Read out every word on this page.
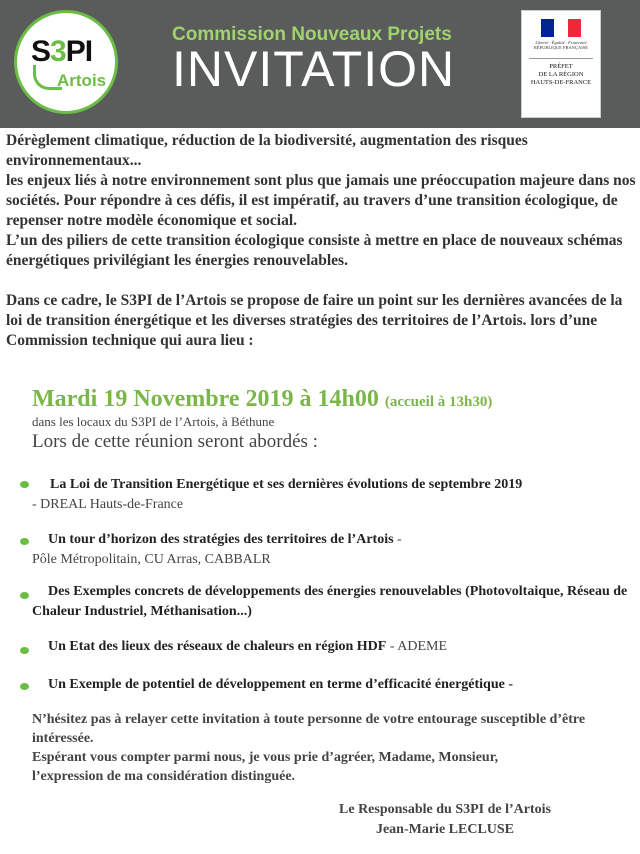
S3PI
Artois
Commission Nouveaux Projets
INVITATION	Liberté · Égalité · Fraternité
RÉPUBLIQUE FRANÇAISE
PRÉFET
DE LA RÉGION
HAUTS-DE-FRANCE

Dérèglement climatique, réduction de la biodiversité, augmentation des risques environnementaux...

les enjeux liés à notre environnement sont plus que jamais une préoccupation majeure dans nos sociétés. Pour répondre à ces défis, il est impératif, au travers d’une transition écologique, de repenser notre modèle économique et social.

L’un des piliers de cette transition écologique consiste à mettre en place de nouveaux schémas énergétiques privilégiant les énergies renouvelables.

Dans ce cadre, le S3PI de l’Artois se propose de faire un point sur les dernières avancées de la loi de transition énergétique et les diverses stratégies des territoires de l’Artois. lors d’une Commission technique qui aura lieu :

Mardi 19 Novembre 2019 à 14h00 (accueil à 13h30)
dans les locaux du S3PI de l’Artois, à Béthune
Lors de cette réunion seront abordés :
La Loi de Transition Energétique et ses dernières évolutions de septembre 2019
- DREAL Hauts-de-France
Un tour d’horizon des stratégies des territoires de l’Artois -
Pôle Métropolitain, CU Arras, CABBALR
Des Exemples concrets de développements des énergies renouvelables (Photovoltaique, Réseau de Chaleur Industriel, Méthanisation...)
Un Etat des lieux des réseaux de chaleurs en région HDF - ADEME
Un Exemple de potentiel de développement en terme d’efficacité énergétique -

N’hésitez pas à relayer cette invitation à toute personne de votre entourage susceptible d’être intéressée.

Espérant vous compter parmi nous, je vous prie d’agréer, Madame, Monsieur,

l’expression de ma considération distinguée.

Le Responsable du S3PI de l’Artois
Jean-Marie LECLUSE
